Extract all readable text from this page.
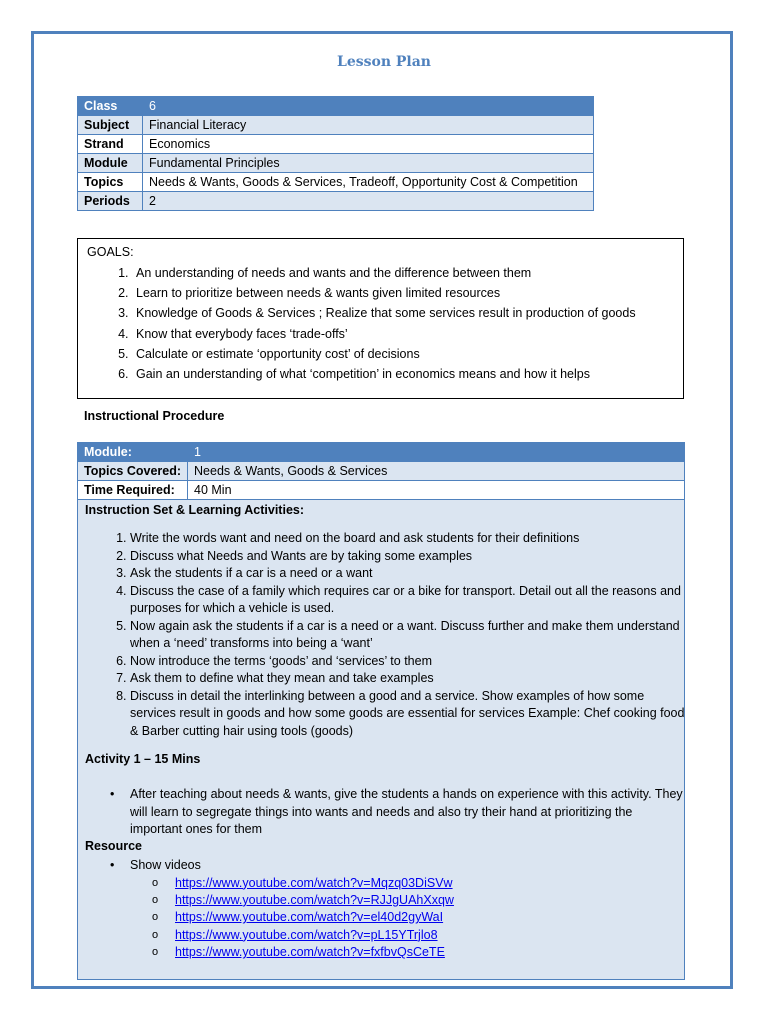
Lesson Plan
Class	6
Subject	Financial Literacy
Strand	Economics
Module	Fundamental Principles
Topics	Needs & Wants, Goods & Services, Tradeoff, Opportunity Cost & Competition
Periods	2
GOALS:
1. An understanding of needs and wants and the difference between them
2. Learn to prioritize between needs & wants given limited resources
3. Knowledge of Goods & Services ; Realize that some services result in production of goods
4. Know that everybody faces ‘trade-offs’
5. Calculate or estimate ‘opportunity cost’ of decisions
6. Gain an understanding of what ‘competition’ in economics means and how it helps
Instructional Procedure
Module:	1
Topics Covered:	Needs & Wants, Goods & Services
Time Required:	40 Min
Instruction Set & Learning Activities:
1. Write the words want and need on the board and ask students for their definitions
2. Discuss what Needs and Wants are by taking some examples
3. Ask the students if a car is a need or a want
4. Discuss the case of a family which requires car or a bike for transport. Detail out all the reasons and purposes for which a vehicle is used.
5. Now again ask the students if a car is a need or a want. Discuss further and make them understand when a ‘need’ transforms into being a ‘want’
6. Now introduce the terms ‘goods’ and ‘services’ to them
7. Ask them to define what they mean and take examples
8. Discuss in detail the interlinking between a good and a service. Show examples of how some services result in goods and how some goods are essential for services Example: Chef cooking food & Barber cutting hair using tools (goods)
Activity 1 – 15 Mins
• After teaching about needs & wants, give the students a hands on experience with this activity. They will learn to segregate things into wants and needs and also try their hand at prioritizing the important ones for them
Resource
• Show videos
o https://www.youtube.com/watch?v=Mqzq03DiSVw
o https://www.youtube.com/watch?v=RJJgUAhXxqw
o https://www.youtube.com/watch?v=el40d2gyWaI
o https://www.youtube.com/watch?v=pL15YTrjlo8
o https://www.youtube.com/watch?v=fxfbvQsCeTE
